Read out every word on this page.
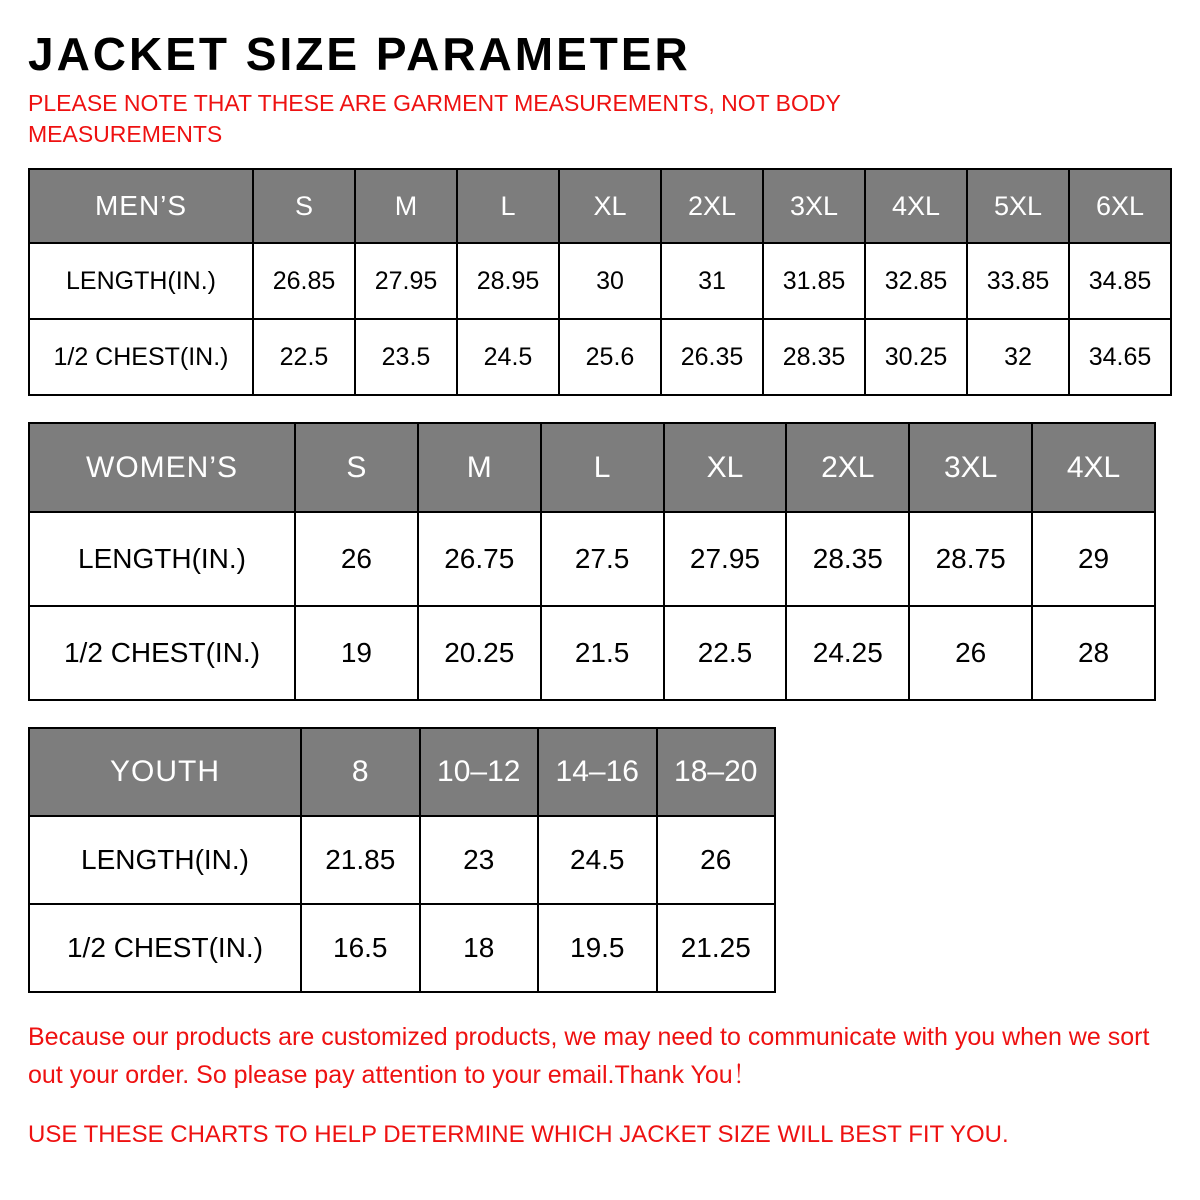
JACKET SIZE PARAMETER
PLEASE NOTE THAT THESE ARE GARMENT MEASUREMENTS, NOT BODY MEASUREMENTS
MEN’S	S	M	L	XL	2XL	3XL	4XL	5XL	6XL
LENGTH(IN.)	26.85	27.95	28.95	30	31	31.85	32.85	33.85	34.85
1/2 CHEST(IN.)	22.5	23.5	24.5	25.6	26.35	28.35	30.25	32	34.65
WOMEN’S	S	M	L	XL	2XL	3XL	4XL
LENGTH(IN.)	26	26.75	27.5	27.95	28.35	28.75	29
1/2 CHEST(IN.)	19	20.25	21.5	22.5	24.25	26	28
YOUTH	8	10–12	14–16	18–20
LENGTH(IN.)	21.85	23	24.5	26
1/2 CHEST(IN.)	16.5	18	19.5	21.25

Because our products are customized products, we may need to communicate with you when we sort out your order. So please pay attention to your email.Thank You！

USE THESE CHARTS TO HELP DETERMINE WHICH JACKET SIZE WILL BEST FIT YOU.
